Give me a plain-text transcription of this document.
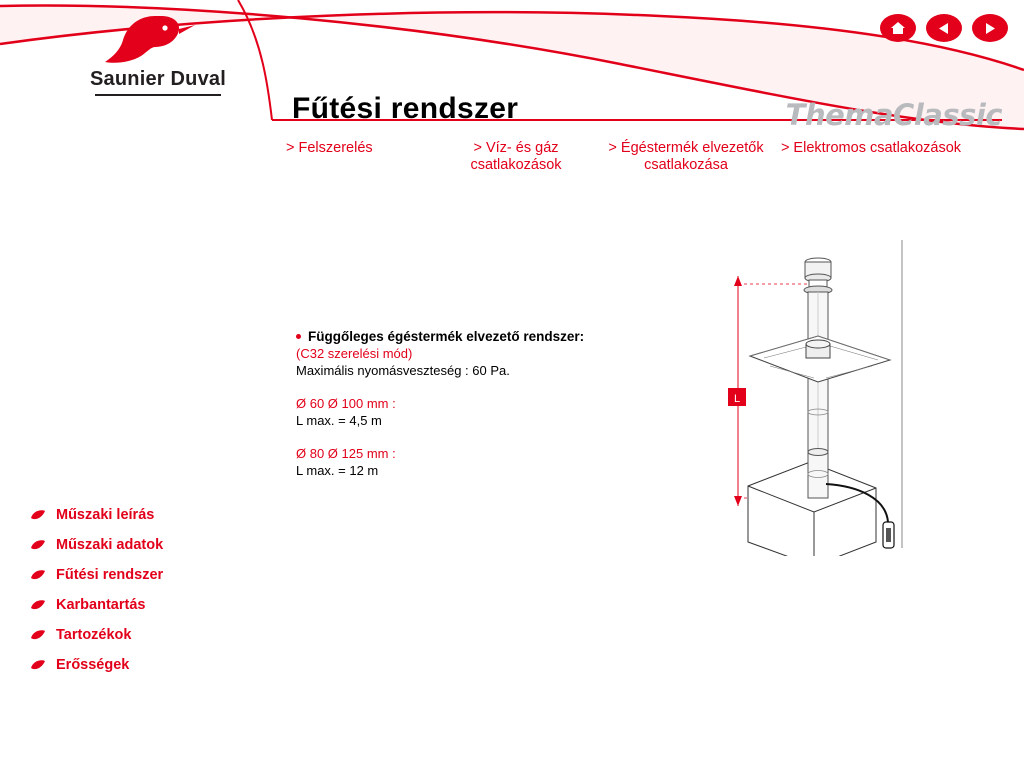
Saunier Duval
Fűtési rendszer	ThemaClassic
> Felszerelés	> Víz- és gáz csatlakozások
> Égéstermék elvezetők csatlakozása
> Elektromos csatlakozások
Függőleges égéstermék elvezető rendszer:
(C32 szerelési mód)
Maximális nyomásveszteség : 60 Pa.
Ø 60 Ø 100 mm :
L max. = 4,5 m
Ø 80 Ø 125 mm :
L max. = 12 m
L
Műszaki leírás
Műszaki adatok
Fűtési rendszer
Karbantartás
Tartozékok
Erősségek
